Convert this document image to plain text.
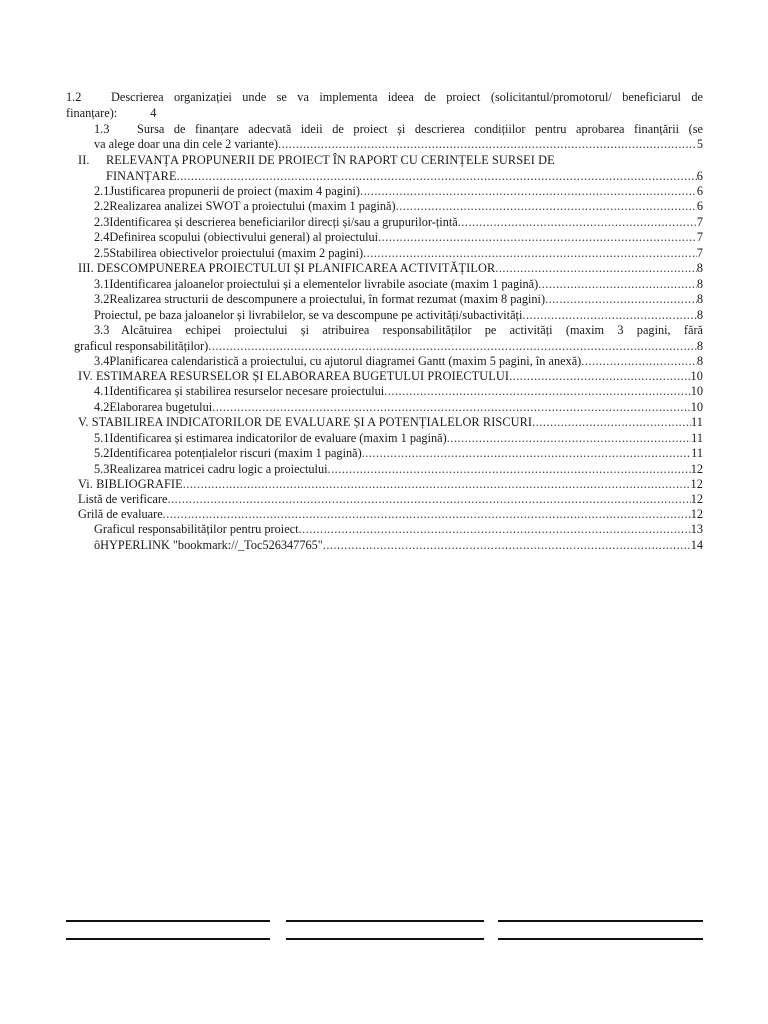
1.2	Descrierea organizației unde se va implementa ideea de proiect (solicitantul/promotorul/ beneficiarul de
finanțare):	4
1.3	Sursa de finanțare adecvată ideii de proiect și descrierea condițiilor pentru aprobarea finanțării (se
va alege doar una din cele 2 variante) .....	5
II.	RELEVANȚA PROPUNERII DE PROIECT ÎN RAPORT CU CERINȚELE SURSEI DE
FINANȚARE .....	6
2.1 Justificarea propunerii de proiect (maxim 4 pagini) .....	6
2.2 Realizarea analizei SWOT a proiectului (maxim 1 pagină) .....	6
2.3 Identificarea și descrierea beneficiarilor direcți și/sau a grupurilor-țintă .....	7
2.4 Definirea scopului (obiectivului general) al proiectului .....	7
2.5 Stabilirea obiectivelor proiectului (maxim 2 pagini) .....	7
III. DESCOMPUNEREA PROIECTULUI ȘI PLANIFICAREA ACTIVITĂȚILOR .....	8
3.1 Identificarea jaloanelor proiectului și a elementelor livrabile asociate (maxim 1 pagină) .....	8
3.2 Realizarea structurii de descompunere a proiectului, în format rezumat (maxim 8 pagini) .....	8
Proiectul, pe baza jaloanelor și livrabilelor, se va descompune pe activități/subactivități .....	8
3.3 Alcătuirea echipei proiectului și atribuirea responsabilităților pe activități (maxim 3 pagini, fără
graficul responsabilităților) .....	8
3.4 Planificarea calendaristică a proiectului, cu ajutorul diagramei Gantt (maxim 5 pagini, în anexă) .....	8
IV. ESTIMAREA RESURSELOR ȘI ELABORAREA BUGETULUI PROIECTULUI .....	10
4.1 Identificarea și stabilirea resurselor necesare proiectului .....	10
4.2 Elaborarea bugetului .....	10
V. STABILIREA INDICATORILOR DE EVALUARE ȘI A POTENȚIALELOR RISCURI .....	11
5.1 Identificarea și estimarea indicatorilor de evaluare (maxim 1 pagină) .....	11
5.2 Identificarea potențialelor riscuri (maxim 1 pagină) .....	11
5.3 Realizarea matricei cadru logic a proiectului .....	12
Vi. BIBLIOGRAFIE .....	12
Listă de verificare .....	12
Grilă de evaluare .....	12
Graficul responsabilităților pentru proiect .....	13
ôHYPERLINK "bookmark://_Toc526347765" .....	14
